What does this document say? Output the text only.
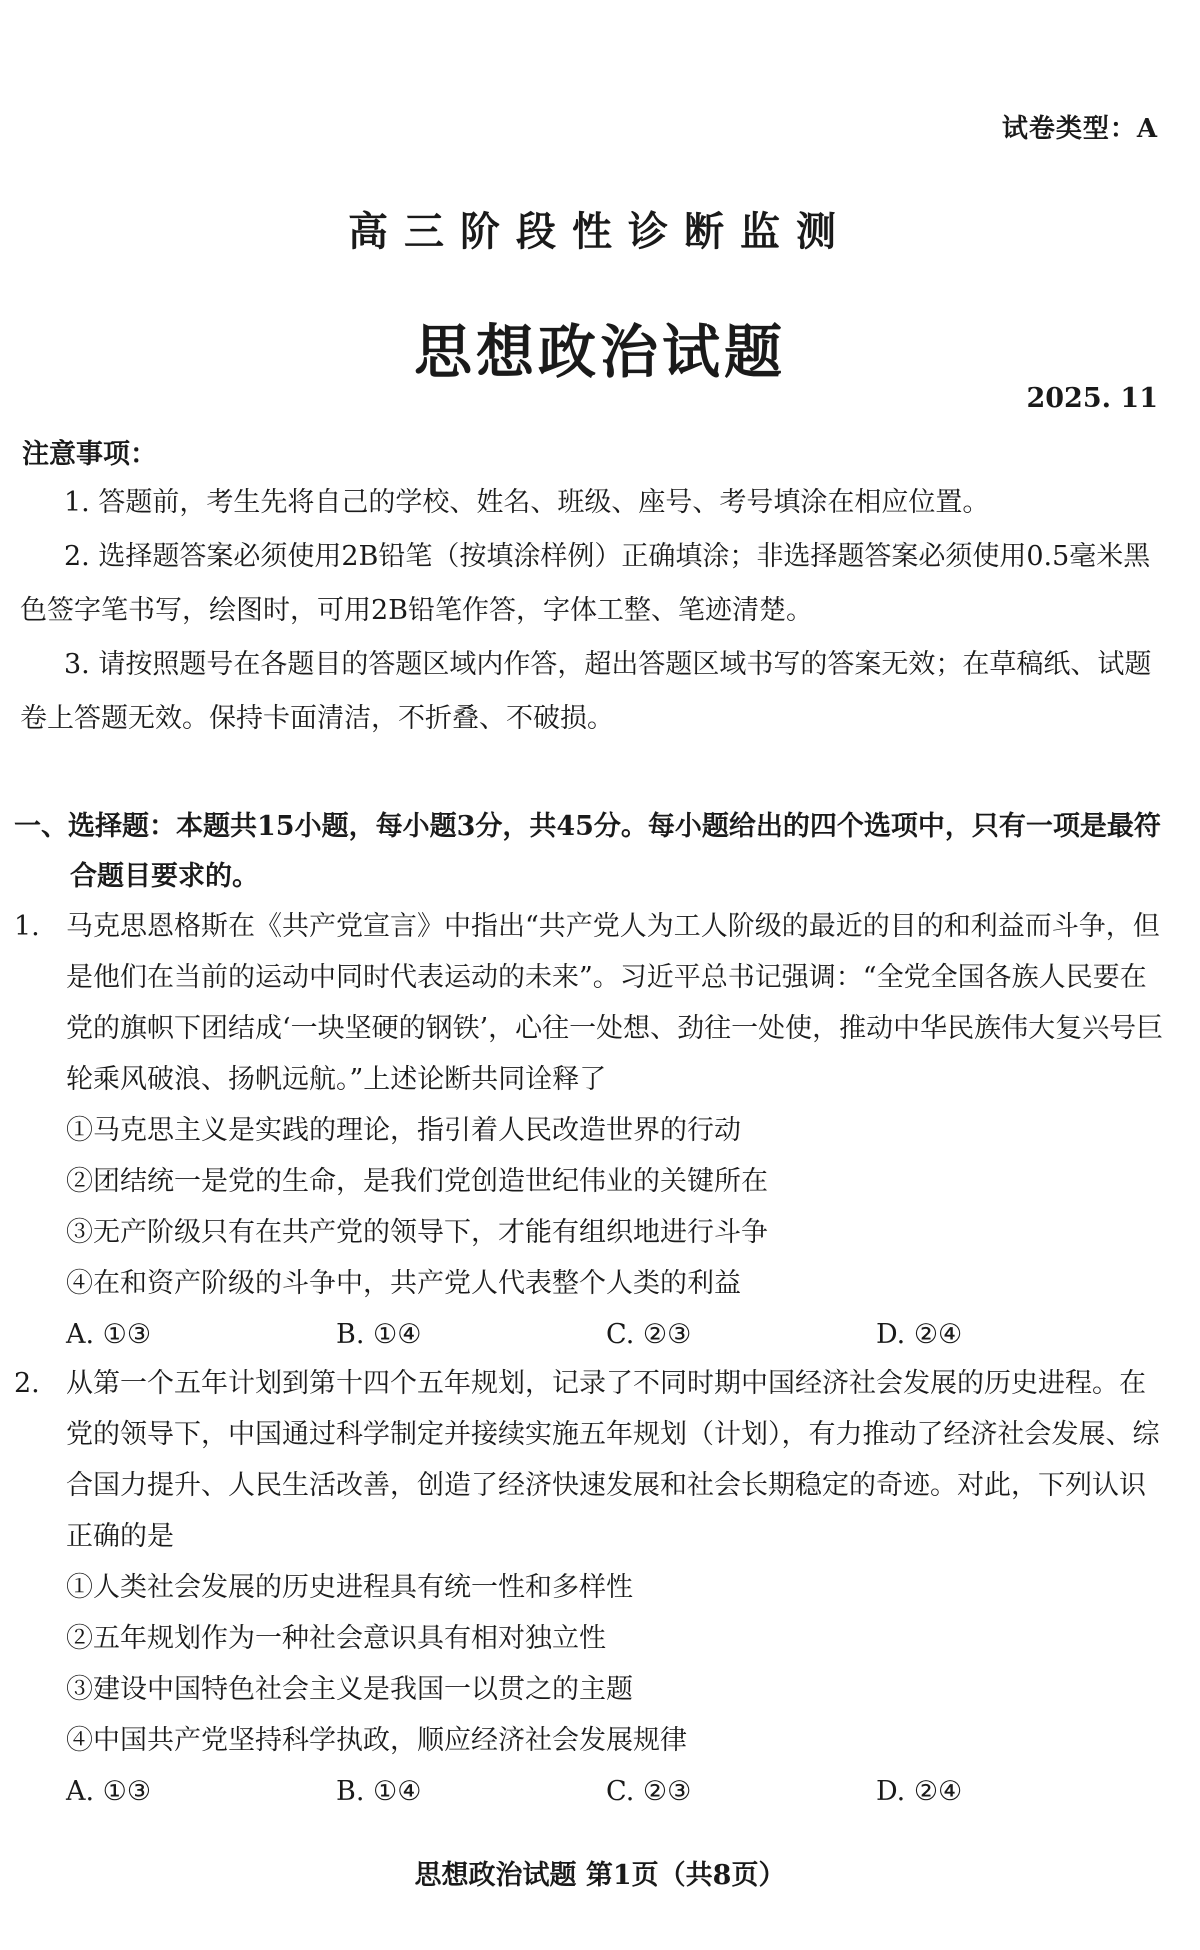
试卷类型：A
高三阶段性诊断监测
思想政治试题
2025. 11
注意事项：
1. 答题前，考生先将自己的学校、姓名、班级、座号、考号填涂在相应位置。
2. 选择题答案必须使用2B铅笔（按填涂样例）正确填涂；非选择题答案必须使用0.5毫米黑色签字笔书写，绘图时，可用2B铅笔作答，字体工整、笔迹清楚。
3. 请按照题号在各题目的答题区域内作答，超出答题区域书写的答案无效；在草稿纸、试题卷上答题无效。保持卡面清洁，不折叠、不破损。
一、选择题：本题共15小题，每小题3分，共45分。每小题给出的四个选项中，只有一项是最符合题目要求的。
1. 马克思恩格斯在《共产党宣言》中指出“共产党人为工人阶级的最近的目的和利益而斗争，但是他们在当前的运动中同时代表运动的未来”。习近平总书记强调：“全党全国各族人民要在党的旗帜下团结成‘一块坚硬的钢铁’，心往一处想、劲往一处使，推动中华民族伟大复兴号巨轮乘风破浪、扬帆远航。”上述论断共同诠释了
①马克思主义是实践的理论，指引着人民改造世界的行动
②团结统一是党的生命，是我们党创造世纪伟业的关键所在
③无产阶级只有在共产党的领导下，才能有组织地进行斗争
④在和资产阶级的斗争中，共产党人代表整个人类的利益
A. ①③	B. ①④	C. ②③	D. ②④
2. 从第一个五年计划到第十四个五年规划，记录了不同时期中国经济社会发展的历史进程。在党的领导下，中国通过科学制定并接续实施五年规划（计划），有力推动了经济社会发展、综合国力提升、人民生活改善，创造了经济快速发展和社会长期稳定的奇迹。对此，下列认识正确的是
①人类社会发展的历史进程具有统一性和多样性
②五年规划作为一种社会意识具有相对独立性
③建设中国特色社会主义是我国一以贯之的主题
④中国共产党坚持科学执政，顺应经济社会发展规律
A. ①③	B. ①④	C. ②③	D. ②④
思想政治试题 第1页（共8页）
